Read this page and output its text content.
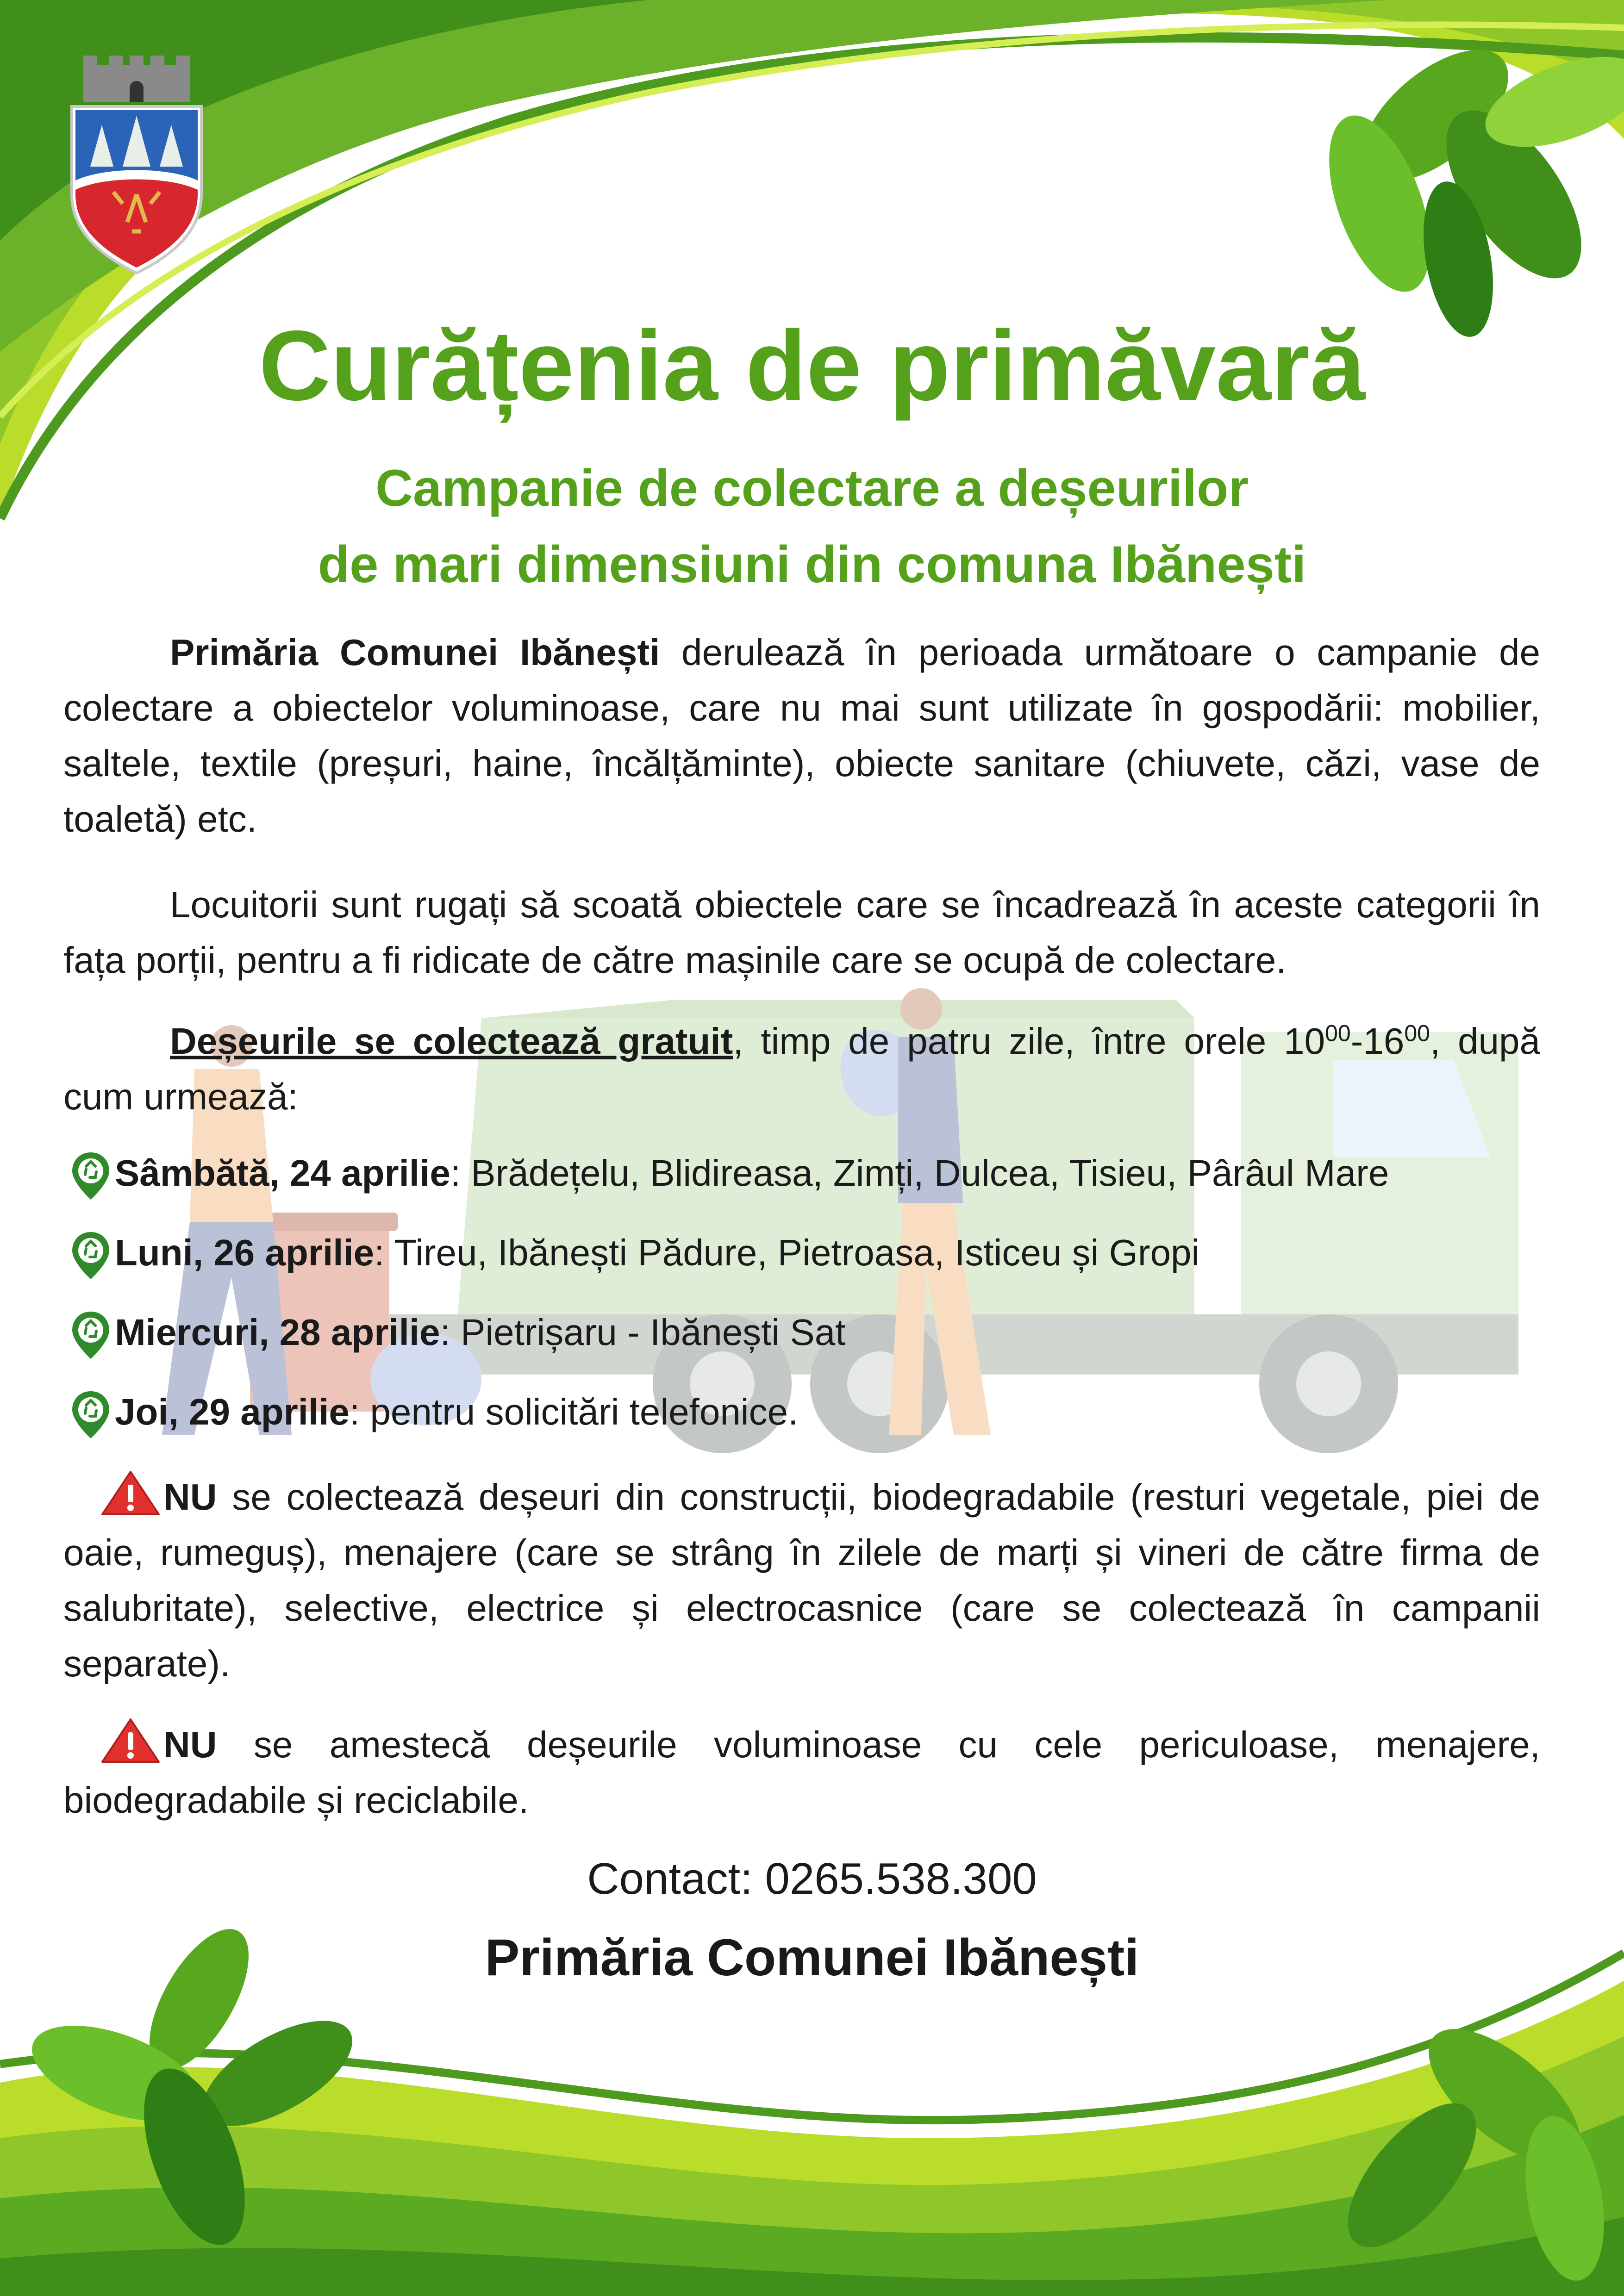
Curățenia de primăvară
Campanie de colectare a deșeurilor
de mari dimensiuni din comuna Ibănești

Primăria Comunei Ibănești derulează în perioada următoare o campanie de colectare a obiectelor voluminoase, care nu mai sunt utilizate în gospodării: mobilier, saltele, textile (preșuri, haine, încălțăminte), obiecte sanitare (chiuvete, căzi, vase de toaletă) etc.

Locuitorii sunt rugați să scoată obiectele care se încadrează în aceste categorii în fața porții, pentru a fi ridicate de către mașinile care se ocupă de colectare.

Deșeurile se colectează gratuit, timp de patru zile, între orele $10^{00}-16^{00}$, după cum urmează:

Sâmbătă, 24 aprilie: Brădețelu, Blidireasa, Zimți, Dulcea, Tisieu, Pârâul Mare
Luni, 26 aprilie: Tireu, Ibănești Pădure, Pietroasa, Isticeu și Gropi
Miercuri, 28 aprilie: Pietrișaru - Ibănești Sat
Joi, 29 aprilie: pentru solicitări telefonice.

NU se colectează deșeuri din construcții, biodegradabile (resturi vegetale, piei de oaie, rumeguș), menajere (care se strâng în zilele de marți și vineri de către firma de salubritate), selective, electrice și electrocasnice (care se colectează în campanii separate).

NU se amestecă deșeurile voluminoase cu cele periculoase, menajere, biodegradabile și reciclabile.

Contact: 0265.538.300

Primăria Comunei Ibănești
